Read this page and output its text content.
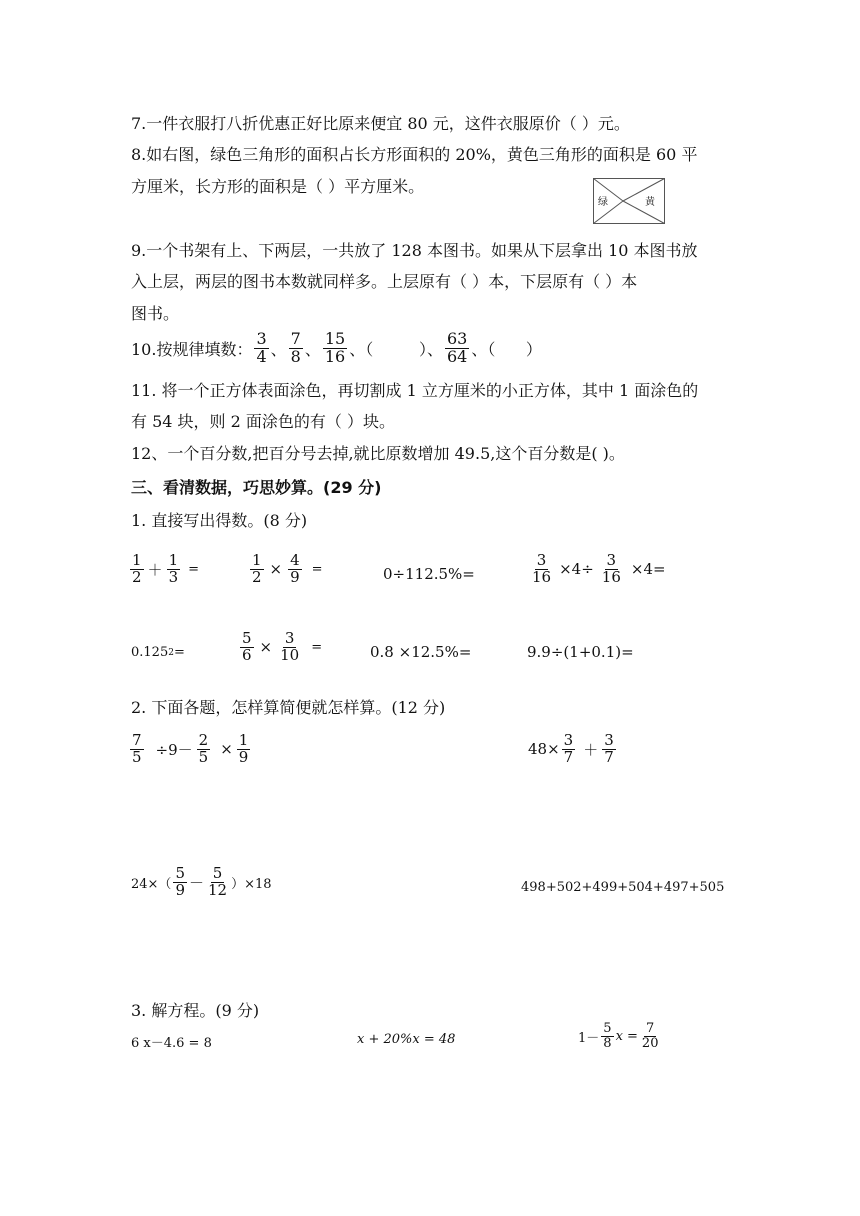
7.一件衣服打八折优惠正好比原来便宜 80 元，这件衣服原价（ ）元。
8.如右图，绿色三角形的面积占长方形面积的 20%，黄色三角形的面积是 60 平
方厘米，长方形的面积是（ ）平方厘米。
绿	黄
9.一个书架有上、下两层，一共放了 128 本图书。如果从下层拿出 10 本图书放
入上层，两层的图书本数就同样多。上层原有（ ）本，下层原有（ ）本
图书。
10.按规律填数： $\frac{3}{4}$ 、 $\frac{7}{8}$ 、 $\frac{15}{16}$ 、（         ）、 $\frac{63}{64}$ 、（      ）
11. 将一个正方体表面涂色，再切割成 1 立方厘米的小正方体，其中 1 面涂色的
有 54 块，则 2 面涂色的有（ ）块。
12、一个百分数,把百分号去掉,就比原数增加 49.5,这个百分数是( )。
三、看清数据，巧思妙算。(29 分)
1. 直接写出得数。(8 分)
$\frac{1}{2} + \frac{1}{3}$ =	$\frac{1}{2} \times \frac{4}{9}$ =	0÷112.5%=	$\frac{3}{16} \times 4\div \frac{3}{16} \times 4=$
0.125 2 =	$\frac{5}{6} \times \frac{3}{10}$ =	0.8 ×12.5%=	9.9÷(1+0.1)=
2. 下面各题，怎样算简便就怎样算。(12 分)
$\frac{7}{5} \div 9- \frac{2}{5} \times \frac{1}{9}$	$48\times \frac{3}{7} + \frac{3}{7}$
$24\times( \frac{5}{9} - \frac{5}{12} )\times 18$	498+502+499+504+497+505
3. 解方程。(9 分)
6 x－4.6 = 8	x + 20%x = 48	$1- \frac{5}{8}$ $x = \frac{7}{20}$
